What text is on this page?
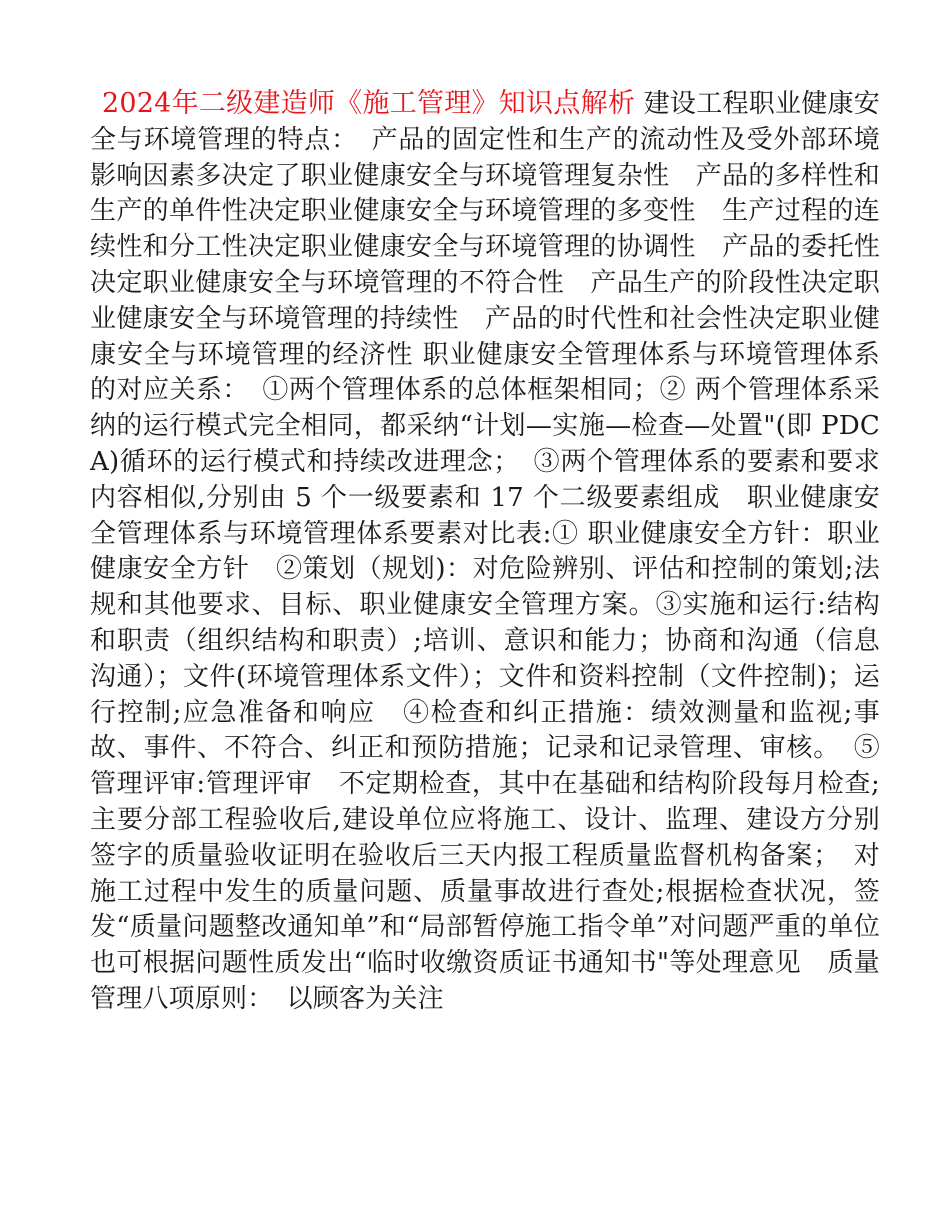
2024年二级建造师《施工管理》知识点解析 建设工程职业健康安全与环境管理的特点：　产品的固定性和生产的流动性及受外部环境影响因素多决定了职业健康安全与环境管理复杂性　产品的多样性和生产的单件性决定职业健康安全与环境管理的多变性　生产过程的连续性和分工性决定职业健康安全与环境管理的协调性　产品的委托性决定职业健康安全与环境管理的不符合性　产品生产的阶段性决定职业健康安全与环境管理的持续性　产品的时代性和社会性决定职业健康安全与环境管理的经济性 职业健康安全管理体系与环境管理体系的对应关系：　①两个管理体系的总体框架相同；② 两个管理体系采纳的运行模式完全相同，都采纳“计划—实施—检查—处置"(即 PDCA)循环的运行模式和持续改进理念；　③两个管理体系的要素和要求内容相似,分别由 5 个一级要素和 17 个二级要素组成　职业健康安全管理体系与环境管理体系要素对比表:① 职业健康安全方针：职业健康安全方针　②策划（规划)：对危险辨别、评估和控制的策划;法规和其他要求、目标、职业健康安全管理方案。③实施和运行:结构和职责（组织结构和职责）;培训、意识和能力；协商和沟通（信息沟通）；文件(环境管理体系文件）；文件和资料控制（文件控制)；运行控制;应急准备和响应　④检查和纠正措施：绩效测量和监视;事故、事件、不符合、纠正和预防措施；记录和记录管理、审核。　⑤管理评审:管理评审　不定期检查，其中在基础和结构阶段每月检查;　主要分部工程验收后,建设单位应将施工、设计、监理、建设方分别签字的质量验收证明在验收后三天内报工程质量监督机构备案；　对施工过程中发生的质量问题、质量事故进行查处;根据检查状况，签发“质量问题整改通知单”和“局部暂停施工指令单”对问题严重的单位也可根据问题性质发出“临时收缴资质证书通知书"等处理意见　质量管理八项原则：　以顾客为关注
